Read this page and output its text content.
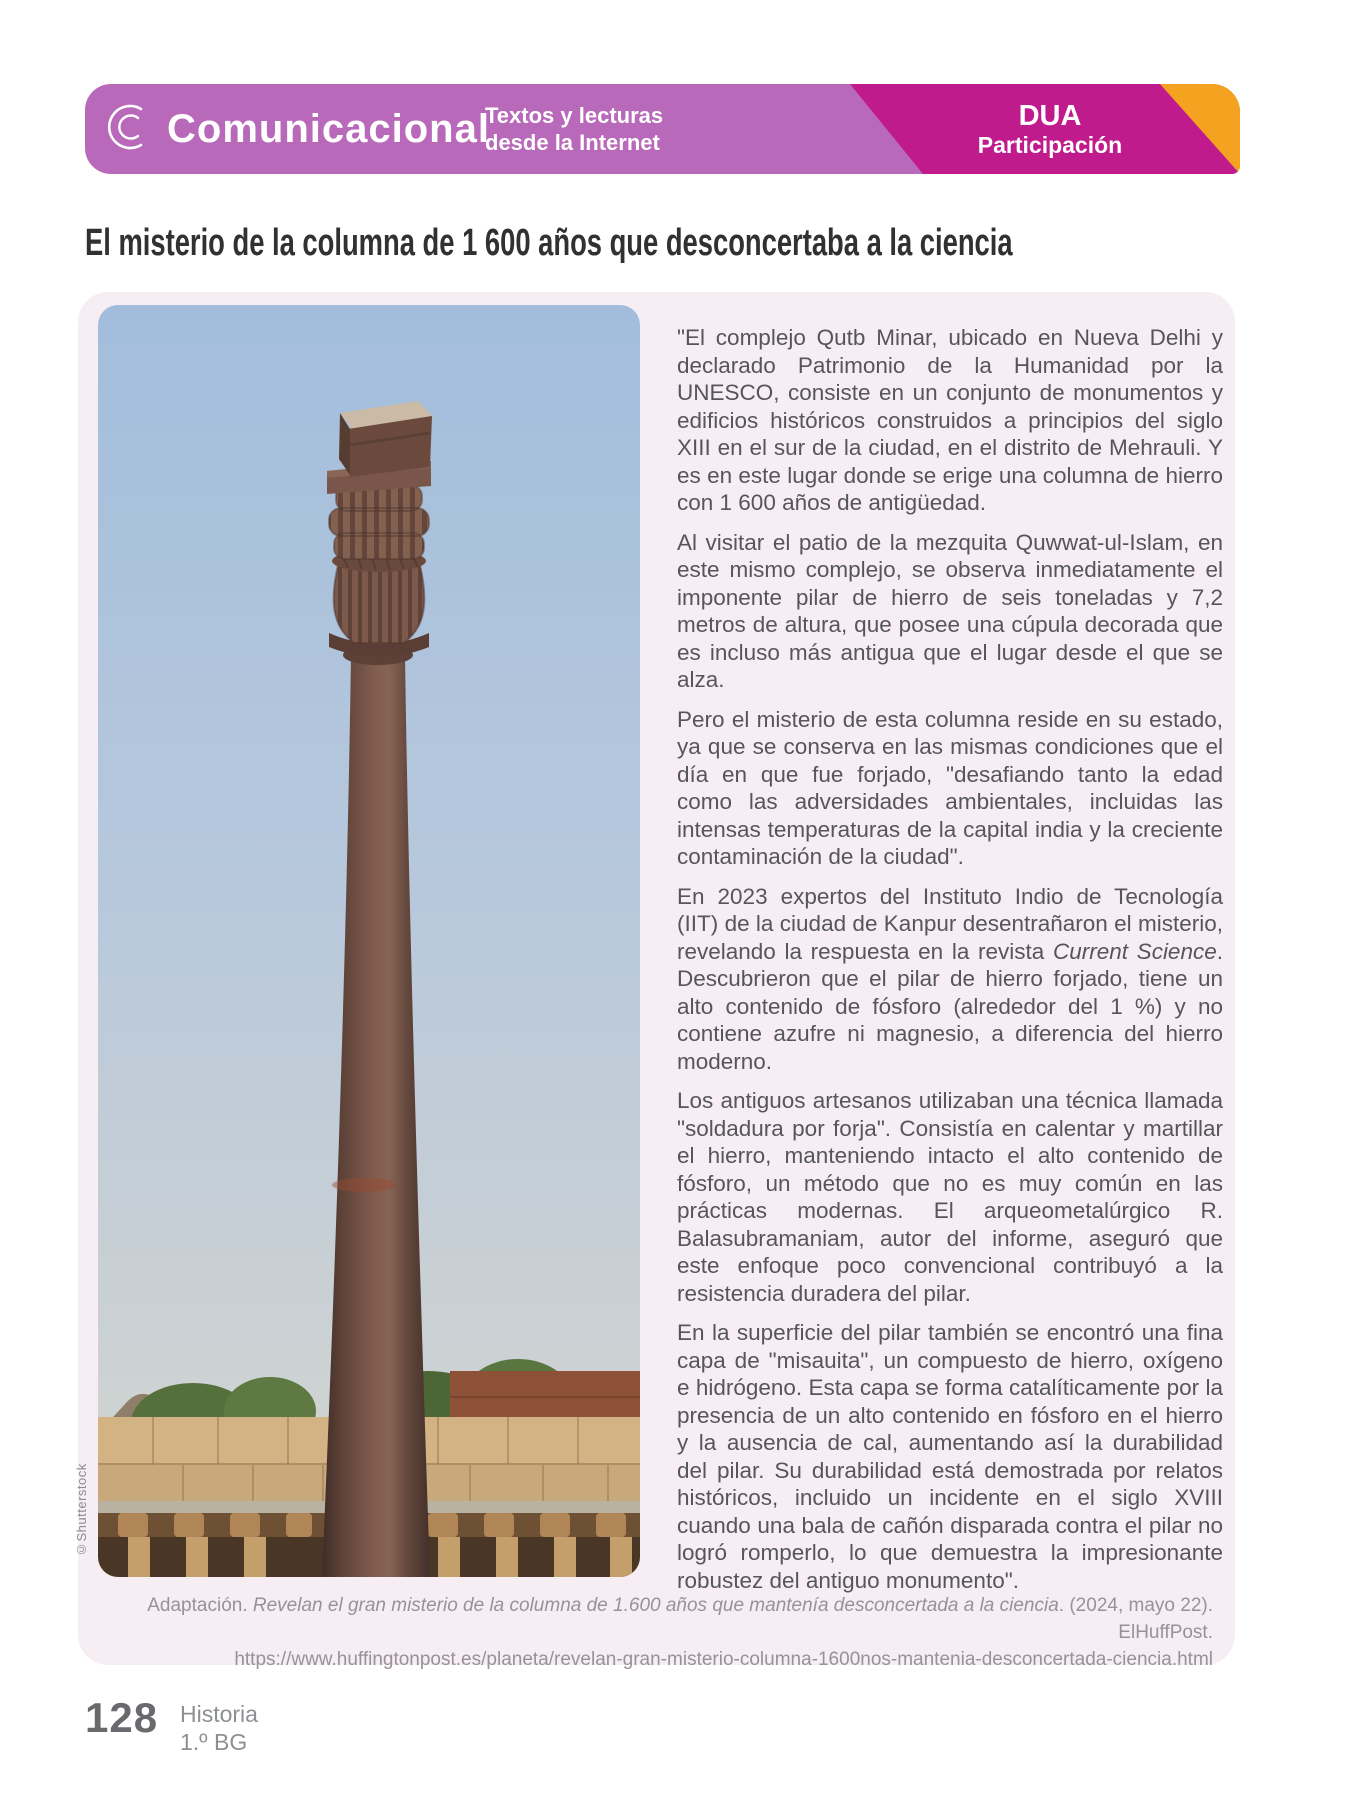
Comunicacional
Textos y lecturas
desde la Internet
DUA
Participación
El misterio de la columna de 1 600 años que desconcertaba a la ciencia
©Shutterstock

"El complejo Qutb Minar, ubicado en Nueva Delhi y declarado Patrimonio de la Humanidad por la UNESCO, consiste en un conjunto de monumentos y edificios históricos construidos a principios del siglo XIII en el sur de la ciudad, en el distrito de Mehrauli. Y es en este lugar donde se erige una columna de hierro con 1 600 años de antigüedad.

Al visitar el patio de la mezquita Quwwat-ul-Islam, en este mismo complejo, se observa inmediatamente el imponente pilar de hierro de seis toneladas y 7,2 metros de altura, que posee una cúpula decorada que es incluso más antigua que el lugar desde el que se alza.

Pero el misterio de esta columna reside en su estado, ya que se conserva en las mismas condiciones que el día en que fue forjado, "desafiando tanto la edad como las adversidades ambientales, incluidas las intensas temperaturas de la capital india y la creciente contaminación de la ciudad".

En 2023 expertos del Instituto Indio de Tecnología (IIT) de la ciudad de Kanpur desentrañaron el misterio, revelando la respuesta en la revista Current Science. Descubrieron que el pilar de hierro forjado, tiene un alto contenido de fósforo (alrededor del 1 %) y no contiene azufre ni magnesio, a diferencia del hierro moderno.

Los antiguos artesanos utilizaban una técnica llamada "soldadura por forja". Consistía en calentar y martillar el hierro, manteniendo intacto el alto contenido de fósforo, un método que no es muy común en las prácticas modernas. El arqueometalúrgico R. Balasubramaniam, autor del informe, aseguró que este enfoque poco convencional contribuyó a la resistencia duradera del pilar.

En la superficie del pilar también se encontró una fina capa de "misauita", un compuesto de hierro, oxígeno e hidrógeno. Esta capa se forma catalíticamente por la presencia de un alto contenido en fósforo en el hierro y la ausencia de cal, aumentando así la durabilidad del pilar. Su durabilidad está demostrada por relatos históricos, incluido un incidente en el siglo XVIII cuando una bala de cañón disparada contra el pilar no logró romperlo, lo que demuestra la impresionante robustez del antiguo monumento".

Adaptación. Revelan el gran misterio de la columna de 1.600 años que mantenía desconcertada a la ciencia. (2024, mayo 22). ElHuffPost.
https://www.huffingtonpost.es/planeta/revelan-gran-misterio-columna-1600nos-mantenia-desconcertada-ciencia.html
128 Historia
1.º BG
